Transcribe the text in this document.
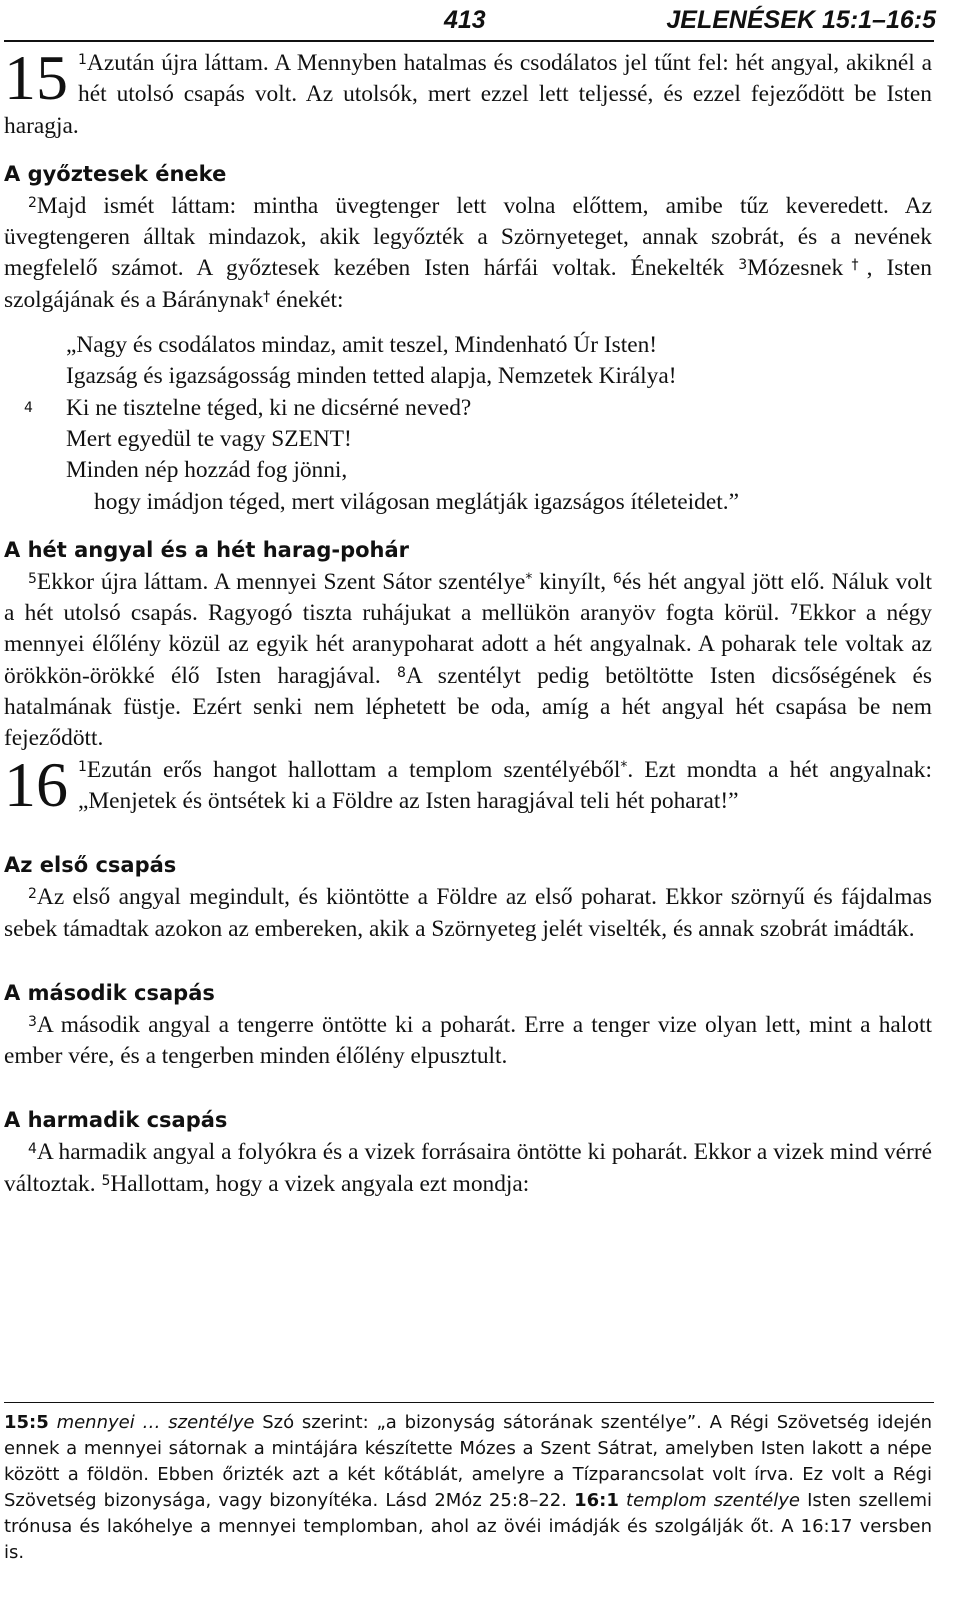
413	JELENÉSEK 15:1–16:5

15 $^1$Azután újra láttam. A Mennyben hatalmas és csodálatos jel tűnt fel: hét angyal, akiknél a hét utolsó csapás volt. Az utolsók, mert ezzel lett teljessé, és ezzel fejeződött be Isten haragja.

A győztesek éneke

$^2$Majd ismét láttam: mintha üvegtenger lett volna előttem, amibe tűz keveredett. Az üvegtengeren álltak mindazok, akik legyőzték a Szörnyeteget, annak szobrát, és a nevének megfelelő számot. A győztesek kezében Isten hárfái voltak. Énekelték $^3$Mózesnek†, Isten szolgájának és a Báránynak† énekét:

„Nagy és csodálatos mindaz, amit teszel, Mindenható Úr Isten!
Igazság és igazságosság minden tetted alapja, Nemzetek Királya!
4 Ki ne tisztelne téged, ki ne dicsérné neved?
Mert egyedül te vagy SZENT!
Minden nép hozzád fog jönni,
hogy imádjon téged, mert világosan meglátják igazságos ítéleteidet.”
A hét angyal és a hét harag-pohár

$^5$Ekkor újra láttam. A mennyei Szent Sátor szentélye* kinyílt, $^6$és hét angyal jött elő. Náluk volt a hét utolsó csapás. Ragyogó tiszta ruhájukat a mellükön aranyöv fogta körül. $^7$Ekkor a négy mennyei élőlény közül az egyik hét aranypoharat adott a hét angyalnak. A poharak tele voltak az örökkön-örökké élő Isten haragjával. $^8$A szentélyt pedig betöltötte Isten dicsőségének és hatalmának füstje. Ezért senki nem léphetett be oda, amíg a hét angyal hét csapása be nem fejeződött.

16 $^1$Ezután erős hangot hallottam a templom szentélyéből*. Ezt mondta a hét angyalnak: „Menjetek és öntsétek ki a Földre az Isten haragjával teli hét poharat!”

Az első csapás

$^2$Az első angyal megindult, és kiöntötte a Földre az első poharat. Ekkor szörnyű és fájdalmas sebek támadtak azokon az embereken, akik a Szörnyeteg jelét viselték, és annak szobrát imádták.

A második csapás

$^3$A második angyal a tengerre öntötte ki a poharát. Erre a tenger vize olyan lett, mint a halott ember vére, és a tengerben minden élőlény elpusztult.

A harmadik csapás

$^4$A harmadik angyal a folyókra és a vizek forrásaira öntötte ki poharát. Ekkor a vizek mind vérré változtak. $^5$Hallottam, hogy a vizek angyala ezt mondja:

15:5 mennyei … szentélye Szó szerint: „a bizonyság sátorának szentélye”. A Régi Szövetség idején ennek a mennyei sátornak a mintájára készítette Mózes a Szent Sátrat, amelyben Isten lakott a népe között a földön. Ebben őrizték azt a két kőtáblát, amelyre a Tízparancsolat volt írva. Ez volt a Régi Szövetség bizonysága, vagy bizonyítéka. Lásd 2Móz 25:8–22. 16:1 templom szentélye Isten szellemi trónusa és lakóhelye a mennyei templomban, ahol az övéi imádják és szolgálják őt. A 16:17 versben is.
